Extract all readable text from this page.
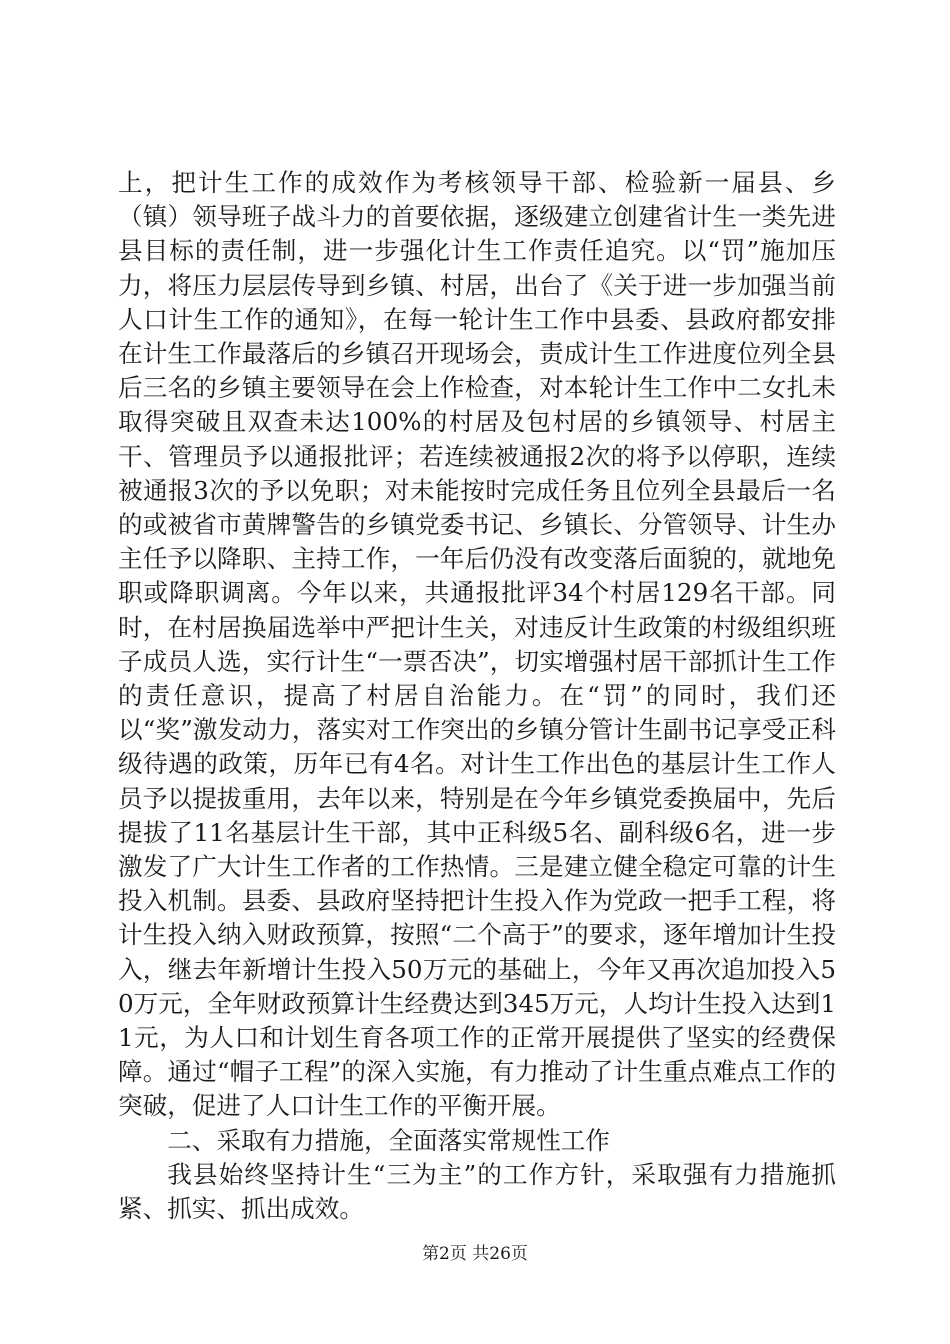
上，把计生工作的成效作为考核领导干部、检验新一届县、乡（镇）领导班子战斗力的首要依据，逐级建立创建省计生一类先进县目标的责任制，进一步强化计生工作责任追究。以“罚”施加压力，将压力层层传导到乡镇、村居，出台了《关于进一步加强当前人口计生工作的通知》，在每一轮计生工作中县委、县政府都安排在计生工作最落后的乡镇召开现场会，责成计生工作进度位列全县后三名的乡镇主要领导在会上作检查，对本轮计生工作中二女扎未取得突破且双查未达100%的村居及包村居的乡镇领导、村居主干、管理员予以通报批评；若连续被通报2次的将予以停职，连续被通报3次的予以免职；对未能按时完成任务且位列全县最后一名的或被省市黄牌警告的乡镇党委书记、乡镇长、分管领导、计生办主任予以降职、主持工作，一年后仍没有改变落后面貌的，就地免职或降职调离。今年以来，共通报批评34个村居129名干部。同时，在村居换届选举中严把计生关，对违反计生政策的村级组织班子成员人选，实行计生“一票否决”，切实增强村居干部抓计生工作的责任意识，提高了村居自治能力。在“罚”的同时，我们还以“奖”激发动力，落实对工作突出的乡镇分管计生副书记享受正科级待遇的政策，历年已有4名。对计生工作出色的基层计生工作人员予以提拔重用，去年以来，特别是在今年乡镇党委换届中，先后提拔了11名基层计生干部，其中正科级5名、副科级6名，进一步激发了广大计生工作者的工作热情。三是建立健全稳定可靠的计生投入机制。县委、县政府坚持把计生投入作为党政一把手工程，将计生投入纳入财政预算，按照“二个高于”的要求，逐年增加计生投入，继去年新增计生投入50万元的基础上，今年又再次追加投入50万元，全年财政预算计生经费达到345万元，人均计生投入达到11元，为人口和计划生育各项工作的正常开展提供了坚实的经费保障。通过“帽子工程”的深入实施，有力推动了计生重点难点工作的突破，促进了人口计生工作的平衡开展。

二、采取有力措施，全面落实常规性工作

我县始终坚持计生“三为主”的工作方针，采取强有力措施抓紧、抓实、抓出成效。

第2页 共26页
